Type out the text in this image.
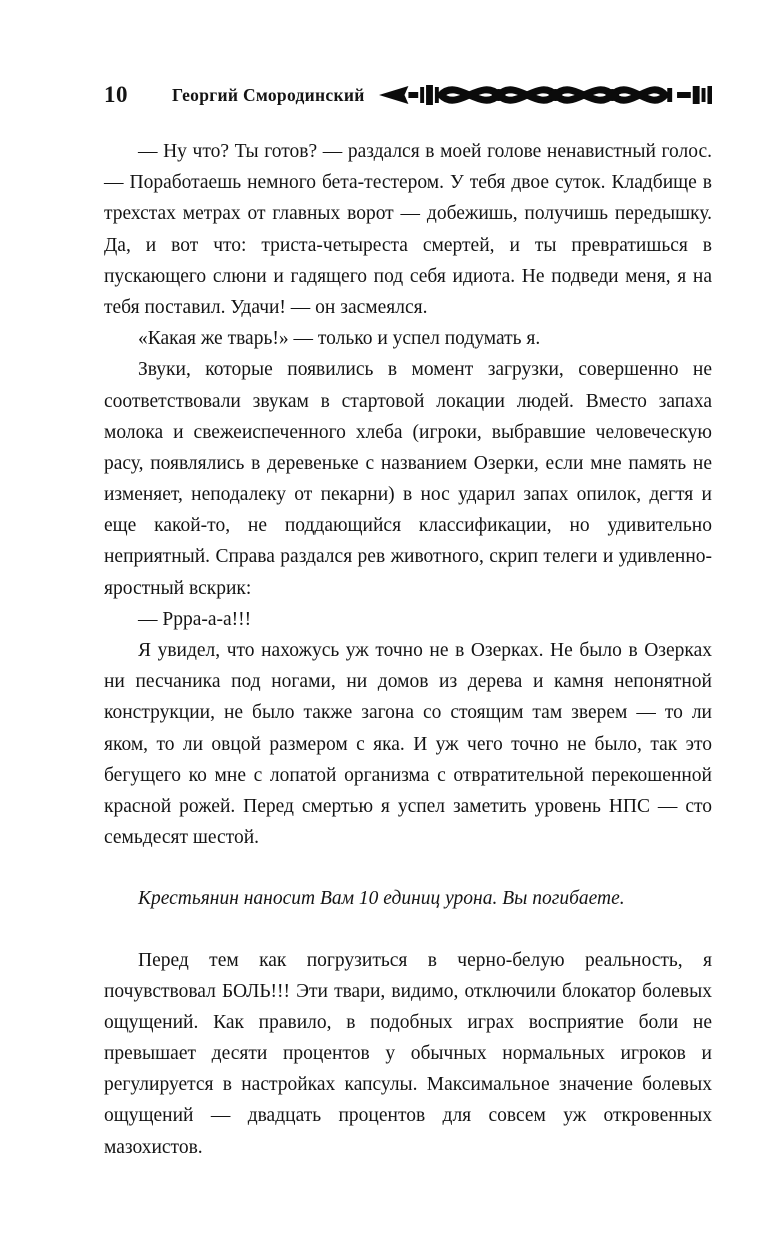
10	Георгий Смородинский

— Ну что? Ты готов? — раздался в моей голове ненавистный голос. — Поработаешь немного бета-тестером. У тебя двое суток. Кладбище в трехстах метрах от главных ворот — добежишь, получишь передышку. Да, и вот что: триста-четыреста смертей, и ты превратишься в пускающего слюни и гадящего под себя идиота. Не подведи меня, я на тебя поставил. Удачи! — он засмеялся.

«Какая же тварь!» — только и успел подумать я.

Звуки, которые появились в момент загрузки, совершенно не соответствовали звукам в стартовой локации людей. Вместо запаха молока и свежеиспеченного хлеба (игроки, выбравшие человеческую расу, появлялись в деревеньке с названием Озерки, если мне память не изменяет, неподалеку от пекарни) в нос ударил запах опилок, дегтя и еще какой-то, не поддающийся классификации, но удивительно неприятный. Справа раздался рев животного, скрип телеги и удивленно-яростный вскрик:

— Ррра-а-а!!!

Я увидел, что нахожусь уж точно не в Озерках. Не было в Озерках ни песчаника под ногами, ни домов из дерева и камня непонятной конструкции, не было также загона со стоящим там зверем — то ли яком, то ли овцой размером с яка. И уж чего точно не было, так это бегущего ко мне с лопатой организма с отвратительной перекошенной красной рожей. Перед смертью я успел заметить уровень НПС — сто семьдесят шестой.

Крестьянин наносит Вам 10 единиц урона. Вы погибаете.

Перед тем как погрузиться в черно-белую реальность, я почувствовал БОЛЬ!!! Эти твари, видимо, отключили блокатор болевых ощущений. Как правило, в подобных играх восприятие боли не превышает десяти процентов у обычных нормальных игроков и регулируется в настройках капсулы. Максимальное значение болевых ощущений — двадцать процентов для совсем уж откровенных мазохистов.
